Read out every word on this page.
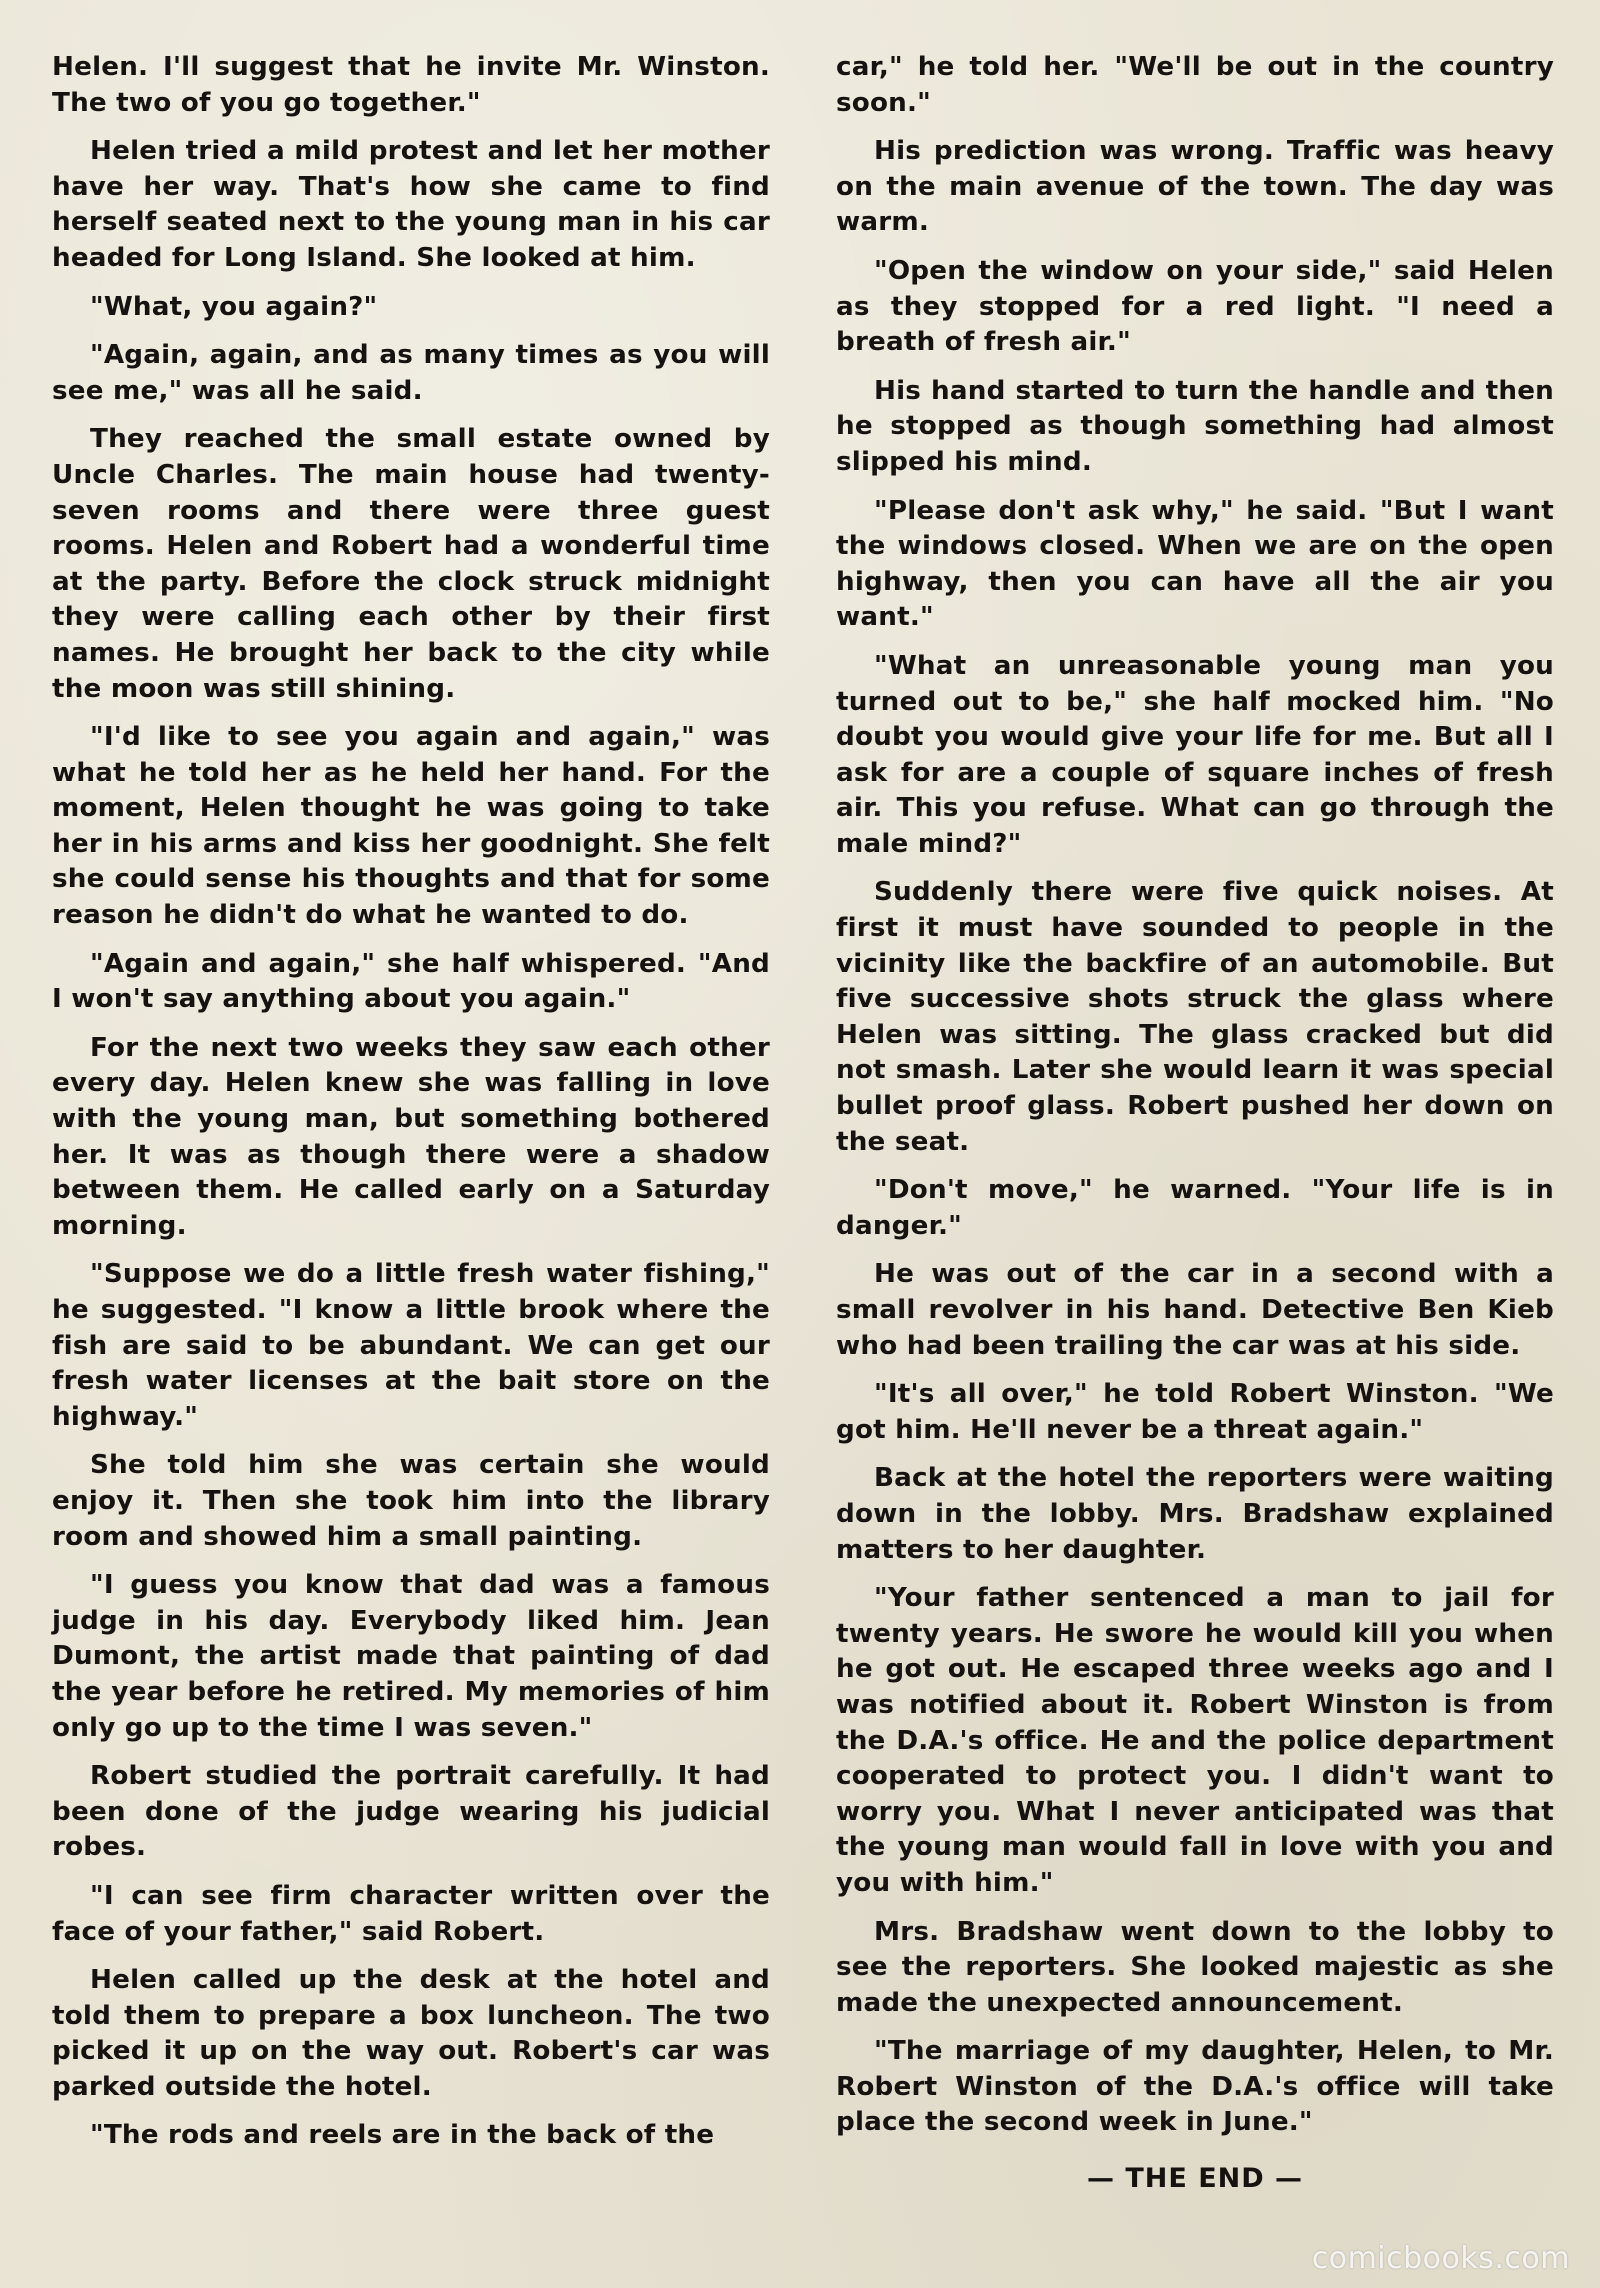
Helen. I'll suggest that he invite Mr. Winston. The two of you go together."

Helen tried a mild protest and let her mother have her way. That's how she came to find herself seated next to the young man in his car headed for Long Island. She looked at him.

"What, you again?"

"Again, again, and as many times as you will see me," was all he said.

They reached the small estate owned by Uncle Charles. The main house had twenty-seven rooms and there were three guest rooms. Helen and Robert had a wonderful time at the party. Before the clock struck midnight they were calling each other by their first names. He brought her back to the city while the moon was still shining.

"I'd like to see you again and again," was what he told her as he held her hand. For the moment, Helen thought he was going to take her in his arms and kiss her goodnight. She felt she could sense his thoughts and that for some reason he didn't do what he wanted to do.

"Again and again," she half whispered. "And I won't say anything about you again."

For the next two weeks they saw each other every day. Helen knew she was falling in love with the young man, but something bothered her. It was as though there were a shadow between them. He called early on a Saturday morning.

"Suppose we do a little fresh water fishing," he suggested. "I know a little brook where the fish are said to be abundant. We can get our fresh water licenses at the bait store on the highway."

She told him she was certain she would enjoy it. Then she took him into the library room and showed him a small painting.

"I guess you know that dad was a famous judge in his day. Everybody liked him. Jean Dumont, the artist made that painting of dad the year before he retired. My memories of him only go up to the time I was seven."

Robert studied the portrait carefully. It had been done of the judge wearing his judicial robes.

"I can see firm character written over the face of your father," said Robert.

Helen called up the desk at the hotel and told them to prepare a box luncheon. The two picked it up on the way out. Robert's car was parked outside the hotel.

"The rods and reels are in the back of the

car," he told her. "We'll be out in the country soon."

His prediction was wrong. Traffic was heavy on the main avenue of the town. The day was warm.

"Open the window on your side," said Helen as they stopped for a red light. "I need a breath of fresh air."

His hand started to turn the handle and then he stopped as though something had almost slipped his mind.

"Please don't ask why," he said. "But I want the windows closed. When we are on the open highway, then you can have all the air you want."

"What an unreasonable young man you turned out to be," she half mocked him. "No doubt you would give your life for me. But all I ask for are a couple of square inches of fresh air. This you refuse. What can go through the male mind?"

Suddenly there were five quick noises. At first it must have sounded to people in the vicinity like the backfire of an automobile. But five successive shots struck the glass where Helen was sitting. The glass cracked but did not smash. Later she would learn it was special bullet proof glass. Robert pushed her down on the seat.

"Don't move," he warned. "Your life is in danger."

He was out of the car in a second with a small revolver in his hand. Detective Ben Kieb who had been trailing the car was at his side.

"It's all over," he told Robert Winston. "We got him. He'll never be a threat again."

Back at the hotel the reporters were waiting down in the lobby. Mrs. Bradshaw explained matters to her daughter.

"Your father sentenced a man to jail for twenty years. He swore he would kill you when he got out. He escaped three weeks ago and I was notified about it. Robert Winston is from the D.A.'s office. He and the police department cooperated to protect you. I didn't want to worry you. What I never anticipated was that the young man would fall in love with you and you with him."

Mrs. Bradshaw went down to the lobby to see the reporters. She looked majestic as she made the unexpected announcement.

"The marriage of my daughter, Helen, to Mr. Robert Winston of the D.A.'s office will take place the second week in June."

— THE END —
comicbooks.com
